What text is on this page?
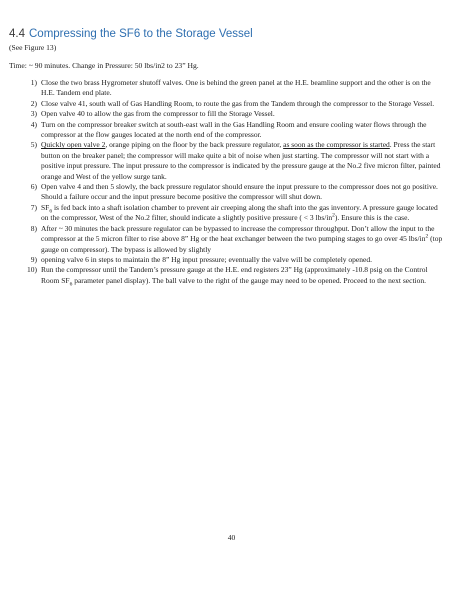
4.4 Compressing the SF6 to the Storage Vessel
(See Figure 13)
Time: ~ 90 minutes. Change in Pressure: 50 lbs/in2 to 23” Hg.
1) Close the two brass Hygrometer shutoff valves. One is behind the green panel at the H.E. beamline support and the other is on the H.E. Tandem end plate.
2) Close valve 41, south wall of Gas Handling Room, to route the gas from the Tandem through the compressor to the Storage Vessel.
3) Open valve 40 to allow the gas from the compressor to fill the Storage Vessel.
4) Turn on the compressor breaker switch at south-east wall in the Gas Handling Room and ensure cooling water flows through the compressor at the flow gauges located at the north end of the compressor.
5) Quickly open valve 2, orange piping on the floor by the back pressure regulator, as soon as the compressor is started. Press the start button on the breaker panel; the compressor will make quite a bit of noise when just starting. The compressor will not start with a positive input pressure. The input pressure to the compressor is indicated by the pressure gauge at the No.2 five micron filter, painted orange and West of the yellow surge tank.
6) Open valve 4 and then 5 slowly, the back pressure regulator should ensure the input pressure to the compressor does not go positive. Should a failure occur and the input pressure become positive the compressor will shut down.
7) $SF_6$ is fed back into a shaft isolation chamber to prevent air creeping along the shaft into the gas inventory. A pressure gauge located on the compressor, West of the No.2 filter, should indicate a slightly positive pressure ( < 3 lbs/$in^2$). Ensure this is the case.
8) After ~ 30 minutes the back pressure regulator can be bypassed to increase the compressor throughput. Don’t allow the input to the compressor at the 5 micron filter to rise above 8” Hg or the heat exchanger between the two pumping stages to go over 45 lbs/$in^2$ (top gauge on compressor). The bypass is allowed by slightly
9) opening valve 6 in steps to maintain the 8” Hg input pressure; eventually the valve will be completely opened.
10) Run the compressor until the Tandem’s pressure gauge at the H.E. end registers 23” Hg (approximately -10.8 psig on the Control Room $SF_6$ parameter panel display). The ball valve to the right of the gauge may need to be opened. Proceed to the next section.
40
